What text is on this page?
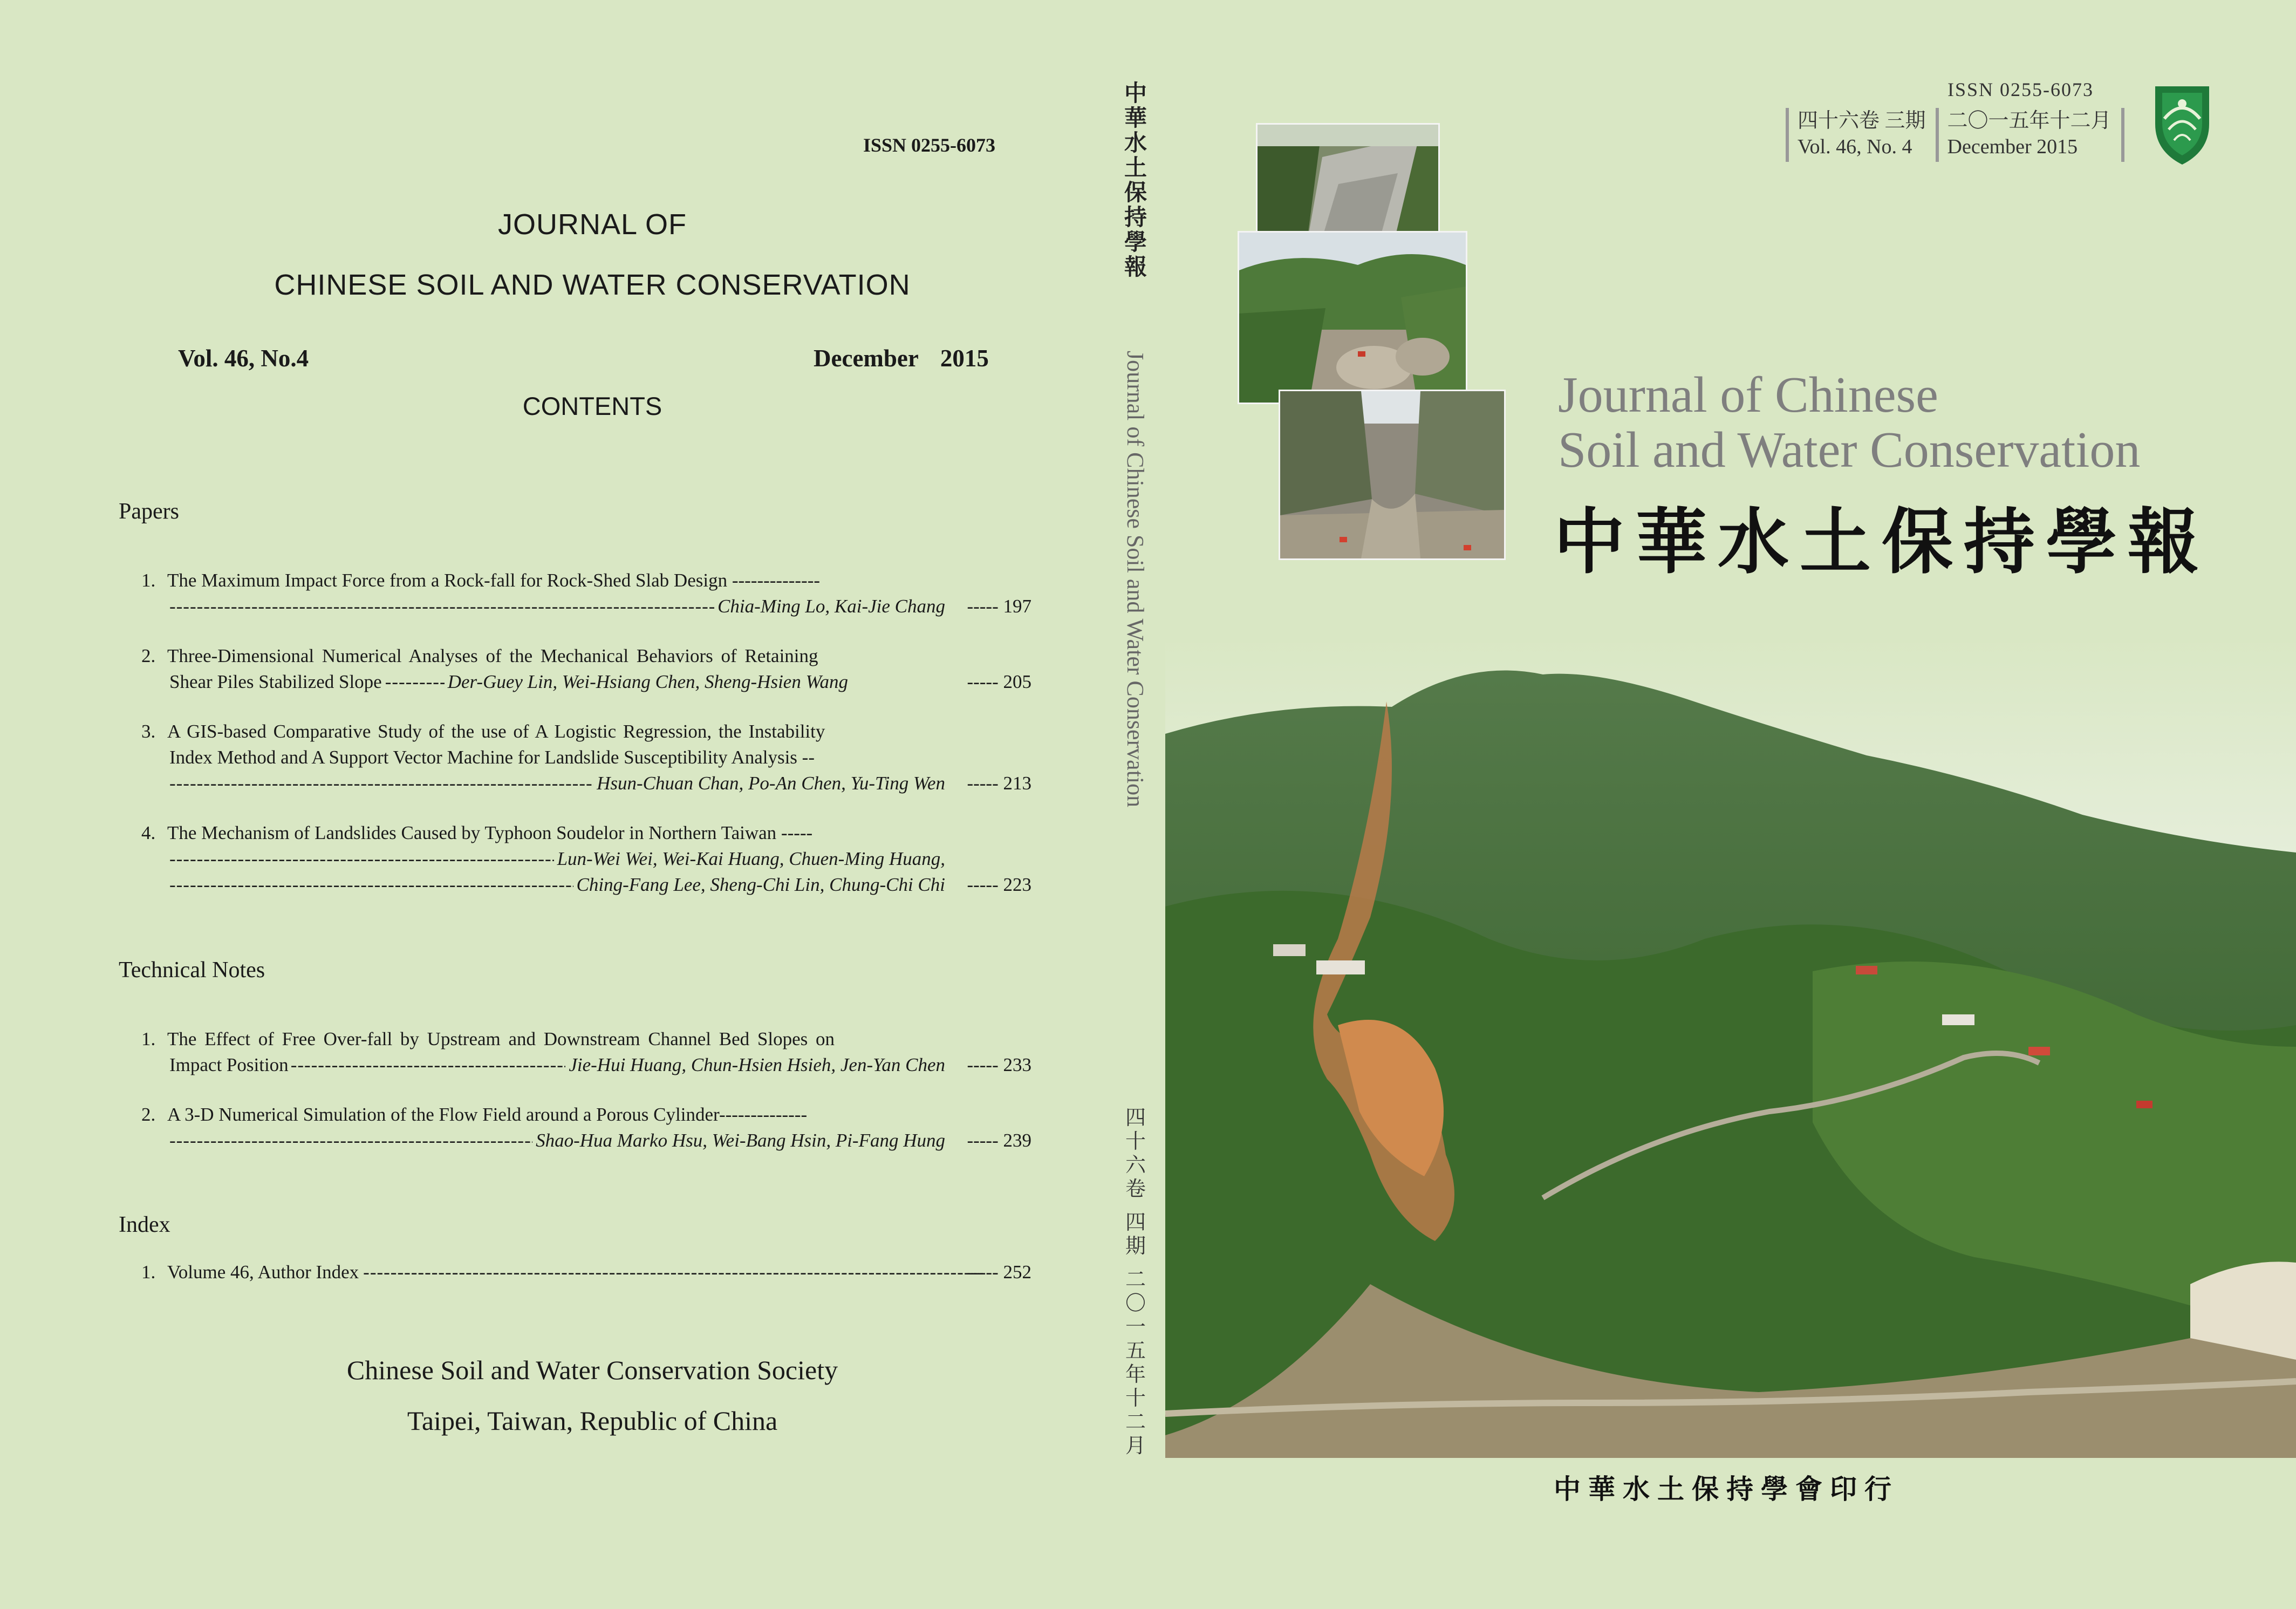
ISSN 0255-6073
JOURNAL OF
CHINESE SOIL AND WATER CONSERVATION
Vol. 46, No.4	December 2015
CONTENTS
Papers
1. The Maximum Impact Force from a Rock-fall for Rock-Shed Slab Design --------------
-----
Chia-Ming Lo, Kai-Jie Chang	----- 197
2. Three-Dimensional Numerical Analyses of the Mechanical Behaviors of Retaining
Shear Piles Stabilized Slope -----	Der-Guey Lin, Wei-Hsiang Chen, Sheng-Hsien Wang	----- 205
3. A GIS-based Comparative Study of the use of A Logistic Regression, the Instability
Index Method and A Support Vector Machine for Landslide Susceptibility Analysis --
-----
Hsun-Chuan Chan, Po-An Chen, Yu-Ting Wen	----- 213
4. The Mechanism of Landslides Caused by Typhoon Soudelor in Northern Taiwan -----
-----
Lun-Wei Wei, Wei-Kai Huang, Chuen-Ming Huang,
-----
Ching-Fang Lee, Sheng-Chi Lin, Chung-Chi Chi	----- 223
Technical Notes
1. The Effect of Free Over-fall by Upstream and Downstream Channel Bed Slopes on
Impact Position -----	Jie-Hui Huang, Chun-Hsien Hsieh, Jen-Yan Chen	----- 233
2. A 3-D Numerical Simulation of the Flow Field around a Porous Cylinder--------------
-----
Shao-Hua Marko Hsu, Wei-Bang Hsin, Pi-Fang Hung	----- 239
Index
1. Volume 46, Author Index -----	----- 252
Chinese Soil and Water Conservation Society
Taipei, Taiwan, Republic of China
中
華
水
土
保
持
學
報
Journal of Chinese Soil and Water Conservation
四
十
六
卷

四
期

二
〇
一
五
年
十
二
月
ISSN 0255-6073
四十六卷 三期
Vol. 46, No. 4
二〇一五年十二月
December 2015
Journal of Chinese
Soil and Water Conservation
中華水土保持學報
中華水土保持學會印行
